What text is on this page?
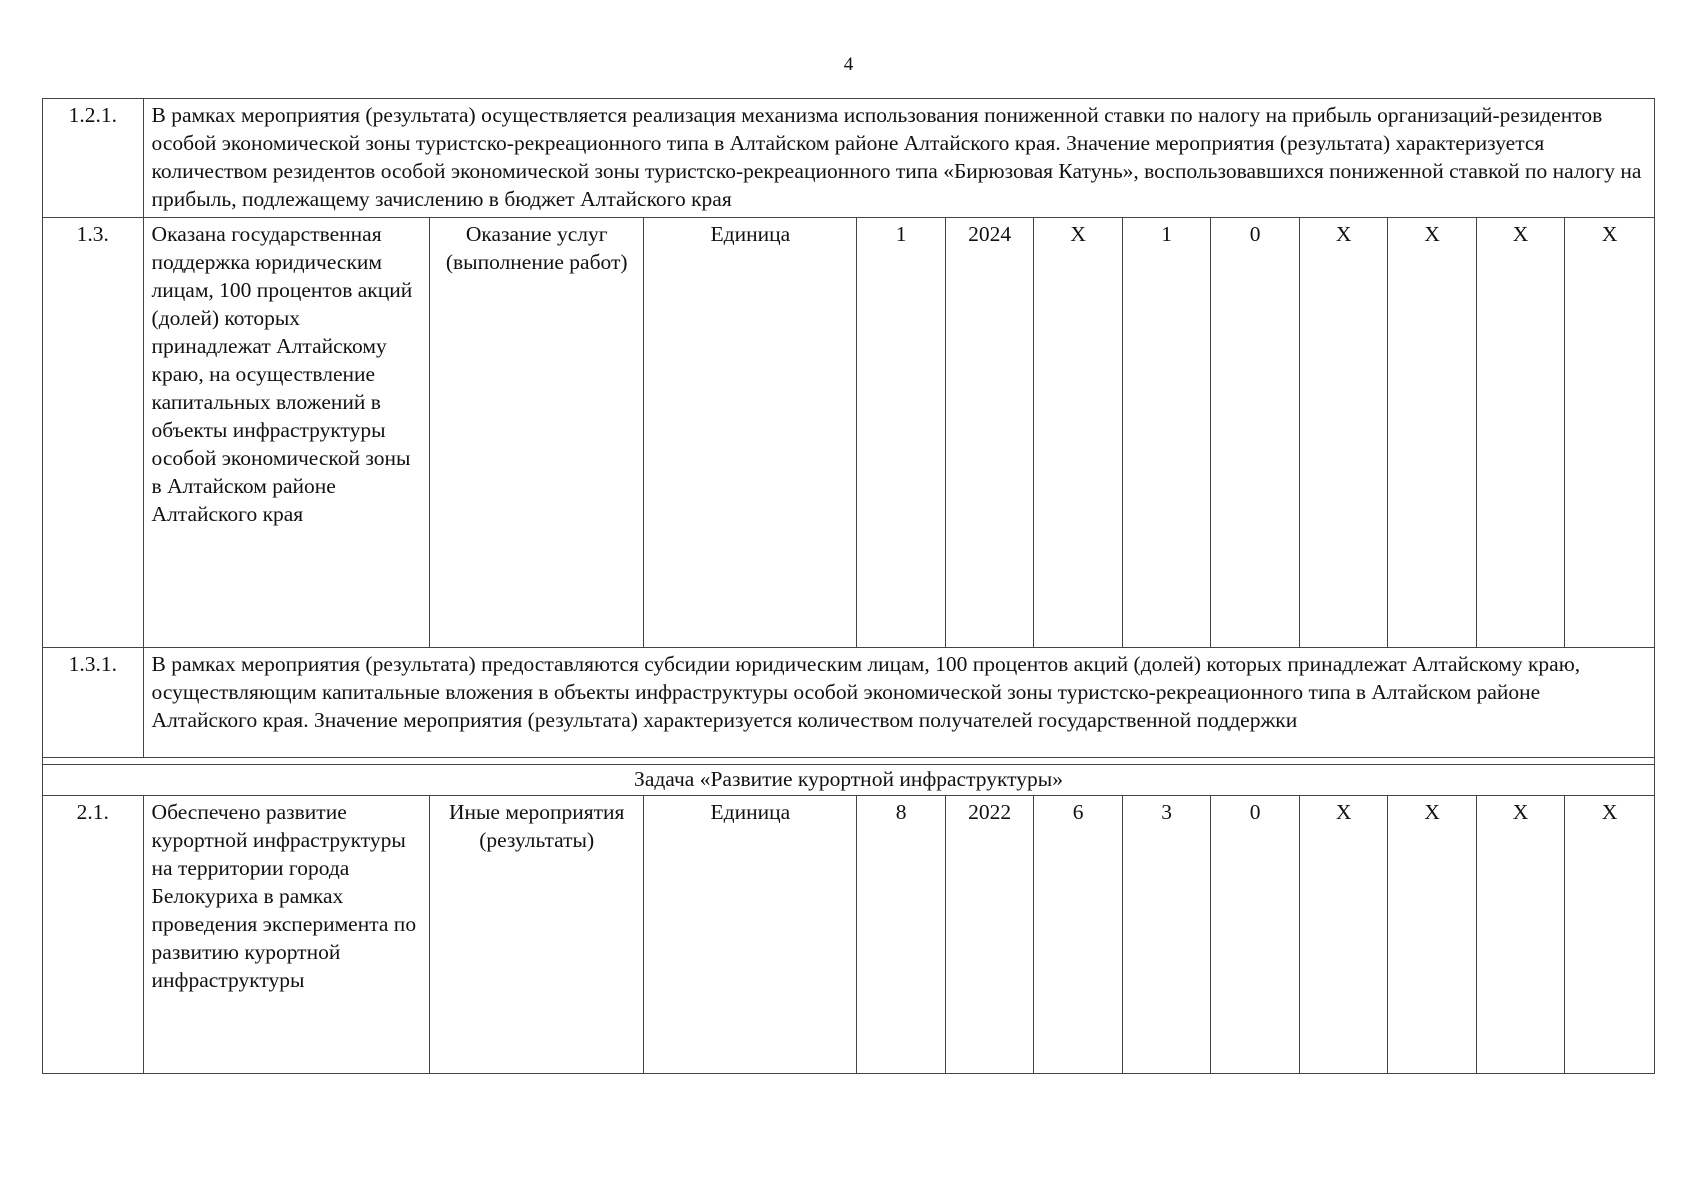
4
1.2.1.	В рамках мероприятия (результата) осуществляется реализация механизма использования пониженной ставки по налогу на прибыль организаций-резидентов особой экономической зоны туристско-рекреационного типа в Алтайском районе Алтайского края. Значение мероприятия (результата) характеризуется количеством резидентов особой экономической зоны туристско-рекреационного типа «Бирюзовая Катунь», воспользовавшихся пониженной ставкой по налогу на прибыль, подлежащему зачислению в бюджет Алтайского края											
1.3.	Оказана государственная поддержка юридическим лицам, 100 процентов акций (долей) которых принадлежат Алтайскому краю, на осуществление капитальных вложений в объекты инфраструктуры особой экономической зоны в Алтайском районе Алтайского края	Оказание услуг (выполнение работ)	Единица	1	2024	Х	1	0	Х	Х	Х	Х
1.3.1.	В рамках мероприятия (результата) предоставляются субсидии юридическим лицам, 100 процентов акций (долей) которых принадлежат Алтайскому краю, осуществляющим капитальные вложения в объекты инфраструктуры особой экономической зоны туристско-рекреационного типа в Алтайском районе Алтайского края. Значение мероприятия (результата) характеризуется количеством получателей государственной поддержки											

Задача «Развитие курортной инфраструктуры»												
2.1.	Обеспечено развитие курортной инфраструктуры на территории города Белокуриха в рамках проведения эксперимента по развитию курортной инфраструктуры	Иные мероприятия (результаты)	Единица	8	2022	6	3	0	Х	Х	Х	Х
